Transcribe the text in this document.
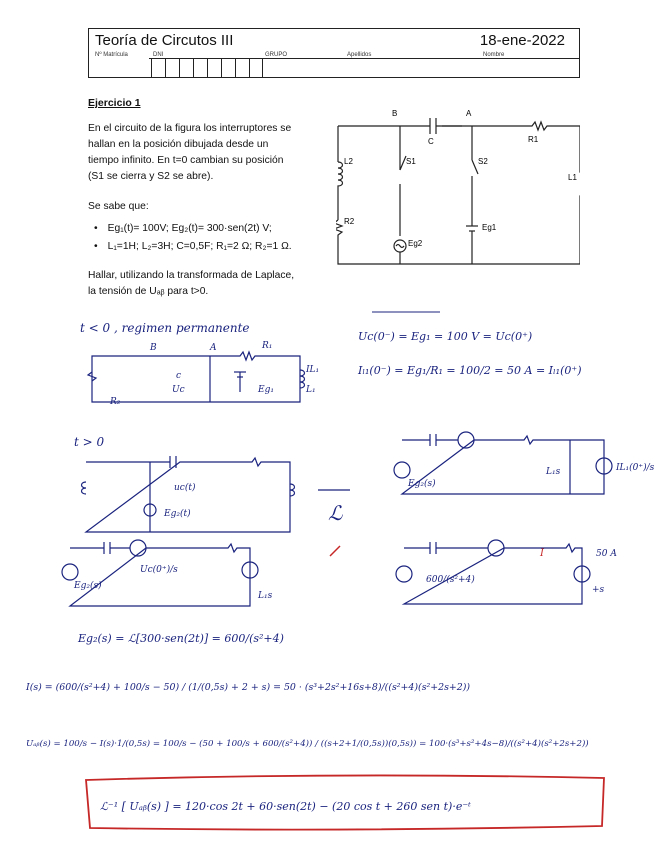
Teoría de Circutos III	18-ene-2022
Nº Matrícula	DNI	GRUPO	Apellidos	Nombre
Ejercicio 1
En el circuito de la figura los interruptores se
hallan en la posición dibujada desde un
tiempo infinito. En t=0 cambian su posición
(S1 se cierra y S2 se abre).
Se sabe que:
• Eg₁(t)= 100V; Eg₂(t)= 300·sen(2t) V;
• L₁=1H; L₂=3H; C=0,5F; R₁=2 Ω; R₂=1 Ω.
Hallar, utilizando la transformada de Laplace,
la tensión de Uₐᵦ para t>0.
B	A
C	R1
L2	S1	S2
L1
R2
Eg1
Eg2
t < 0 , regimen permanente
c
Uc	Eg₁
IL₁
L₁
R₂
R₁
A
B
Uc(0⁻) = Eg₁ = 100 V = Uc(0⁺)
Iₗ₁(0⁻) = Eg₁/R₁ = 100/2 = 50 A = Iₗ₁(0⁺)
t > 0
uc(t)
Eg₂(t)	ℒ
Eg₂(s)
L₁s	IL₁(0⁺)/s
600/(s²+4)
50 A
+s
I
Eg₂(s)
Uc(0⁺)/s
L₁s
Eg₂(s) = ℒ[300·sen(2t)] = 600/(s²+4)
I(s) = (600/(s²+4) + 100/s − 50) / (1/(0,5s) + 2 + s) = 50 · (s³+2s²+16s+8)/((s²+4)(s²+2s+2))
Uₐᵦ(s) = 100/s − I(s)·1/(0,5s) = 100/s − (50 + 100/s + 600/(s²+4)) / ((s+2+1/(0,5s))(0,5s)) = 100·(s³+s²+4s−8)/((s²+4)(s²+2s+2))
ℒ⁻¹ [ Uₐᵦ(s) ] = 120·cos 2t + 60·sen(2t) − (20 cos t + 260 sen t)·e⁻ᵗ
